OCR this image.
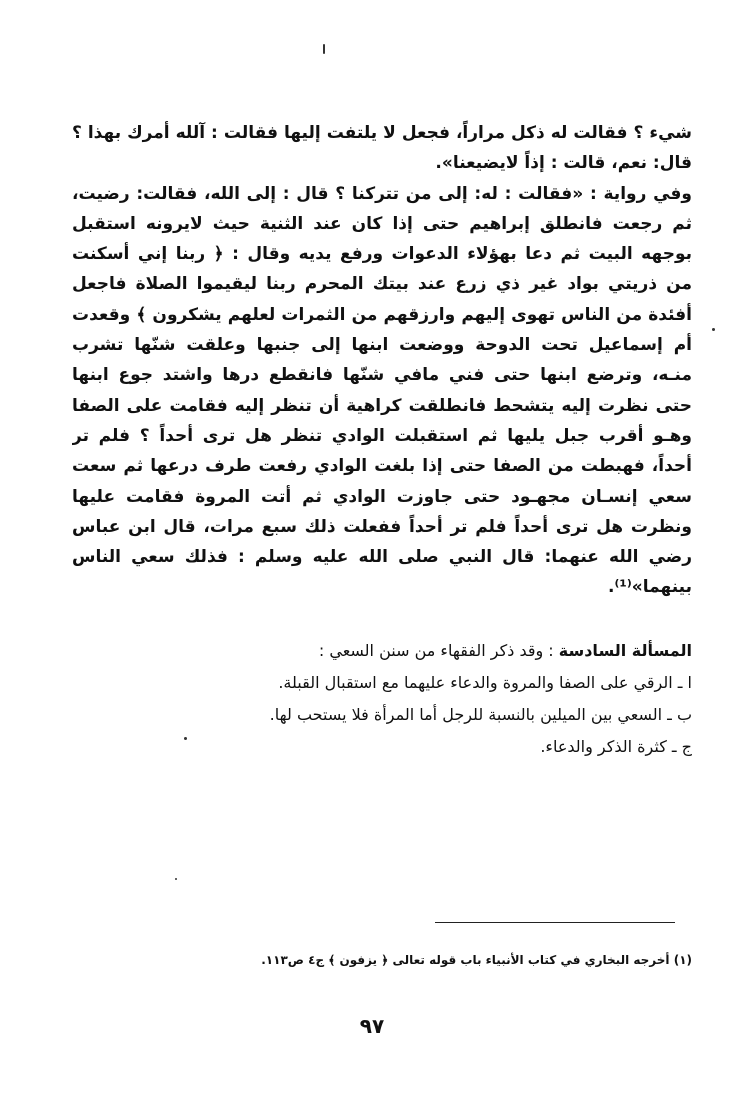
شيء ؟ فقالت له ذكل مراراً، فجعل لا يلتفت إليها فقالت : آلله أمرك بهذا ؟
قال: نعم، قالت : إذاً لايضيعنا».
وفي رواية : «فقالت : له: إلى من تتركنا ؟ قال : إلى الله، فقالت: رضيت،
ثم رجعت فانطلق إبراهيم حتى إذا كان عند الثنية حيث لايرونه استقبل
بوجهه البيت ثم دعا بهؤلاء الدعوات ورفع يديه وقال : ﴿ ربنا إني أسكنت
من ذريتي بواد غير ذي زرع عند بيتك المحرم ربنا ليقيموا الصلاة فاجعل
أفئدة من الناس تهوى إليهم وارزقهم من الثمرات لعلهم يشكرون ﴾ وقعدت
أم إسماعيل تحت الدوحة ووضعت ابنها إلى جنبها وعلقت شنّها تشرب
منـه، وترضع ابنها حتى فني مافي شنّها فانقطع درها واشتد جوع ابنها
حتى نظرت إليه يتشحط فانطلقت كراهية أن تنظر إليه فقامت على الصفا
وهـو أقرب جبل يليها ثم استقبلت الوادي تنظر هل ترى أحداً ؟ فلم تر
أحداً، فهبطت من الصفا حتى إذا بلغت الوادي رفعت طرف درعها ثم سعت
سعي إنسـان مجهـود حتى جاوزت الوادي ثم أتت المروة فقامت عليها
ونظرت هل ترى أحداً فلم تر أحداً ففعلت ذلك سبع مرات، قال ابن عباس
رضي الله عنهما: قال النبي صلى الله عليه وسلم : فذلك سعي الناس
بينهما»⁽¹⁾.
المسألة السادسة : وقد ذكر الفقهاء من سنن السعي :
ا ـ الرقي على الصفا والمروة والدعاء عليهما مع استقبال القبلة.
ب ـ السعي بين الميلين بالنسبة للرجل أما المرأة فلا يستحب لها.
ج ـ كثرة الذكر والدعاء.
(١) أخرجه البخاري في كتاب الأنبياء باب قوله تعالى ﴿ يزفون ﴾ ج٤ ص١١٣.
٩٧
